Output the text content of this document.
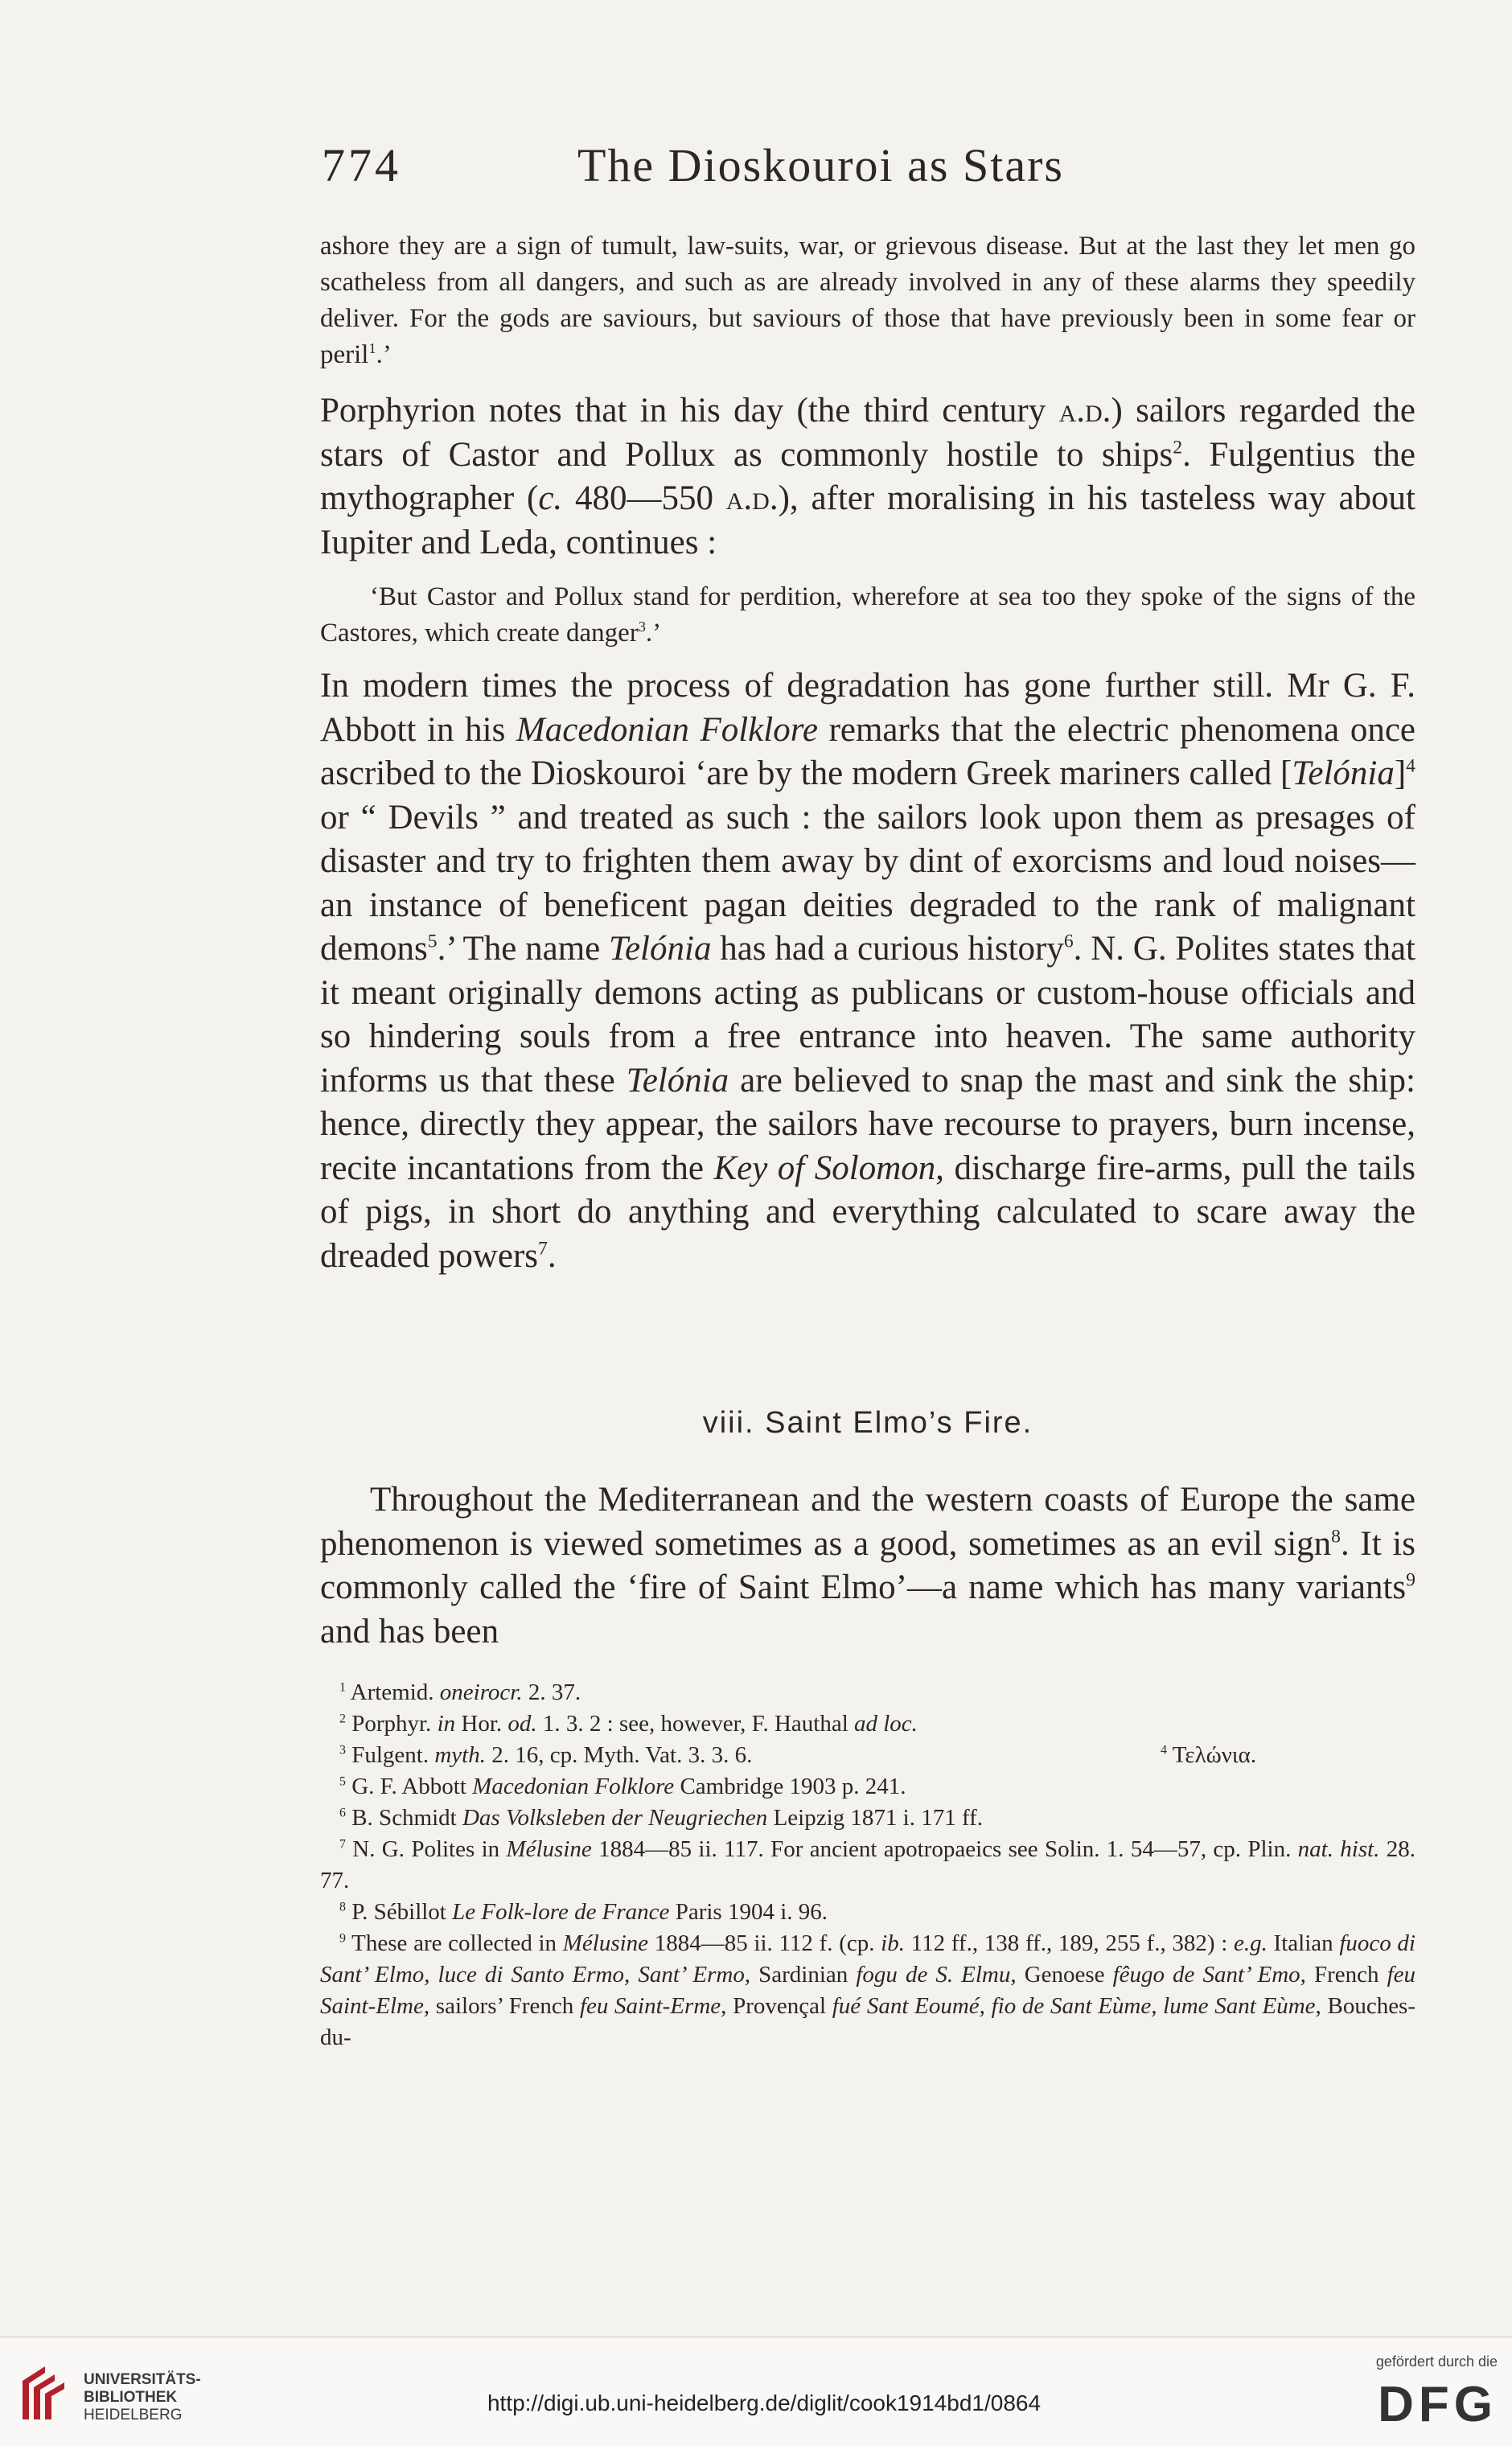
774	The Dioskouroi as Stars
ashore they are a sign of tumult, law-suits, war, or grievous disease. But at the last they let men go scatheless from all dangers, and such as are already involved in any of these alarms they speedily deliver. For the gods are saviours, but saviours of those that have previously been in some fear or peril$^1$.’
Porphyrion notes that in his day (the third century a.d.) sailors regarded the stars of Castor and Pollux as commonly hostile to ships$^2$. Fulgentius the mythographer (c. 480—550 a.d.), after moralising in his tasteless way about Iupiter and Leda, continues :
‘But Castor and Pollux stand for perdition, wherefore at sea too they spoke of the signs of the Castores, which create danger$^3$.’
In modern times the process of degradation has gone further still. Mr G. F. Abbott in his Macedonian Folklore remarks that the electric phenomena once ascribed to the Dioskouroi ‘are by the modern Greek mariners called [Telónia]$^4$ or “ Devils ” and treated as such : the sailors look upon them as presages of disaster and try to frighten them away by dint of exorcisms and loud noises—an instance of beneficent pagan deities degraded to the rank of malignant demons$^5$.’ The name Telónia has had a curious history$^6$. N. G. Polites states that it meant originally demons acting as publicans or custom-house officials and so hindering souls from a free entrance into heaven. The same authority informs us that these Telónia are believed to snap the mast and sink the ship: hence, directly they appear, the sailors have recourse to prayers, burn incense, recite incantations from the Key of Solomon, discharge fire-arms, pull the tails of pigs, in short do anything and everything calculated to scare away the dreaded powers$^7$.
viii. Saint Elmo’s Fire.
Throughout the Mediterranean and the western coasts of Europe the same phenomenon is viewed sometimes as a good, sometimes as an evil sign$^8$. It is commonly called the ‘fire of Saint Elmo’—a name which has many variants$^9$ and has been
$^1$ Artemid. oneirocr. 2. 37.
$^2$ Porphyr. in Hor. od. 1. 3. 2 : see, however, F. Hauthal ad loc.
$^3$ Fulgent. myth. 2. 16, cp. Myth. Vat. 3. 3. 6.	$^4$ Τελώνια.
$^5$ G. F. Abbott Macedonian Folklore Cambridge 1903 p. 241.
$^6$ B. Schmidt Das Volksleben der Neugriechen Leipzig 1871 i. 171 ff.
$^7$ N. G. Polites in Mélusine 1884—85 ii. 117. For ancient apotropaeics see Solin. 1. 54—57, cp. Plin. nat. hist. 28. 77.
$^8$ P. Sébillot Le Folk-lore de France Paris 1904 i. 96.
$^9$ These are collected in Mélusine 1884—85 ii. 112 f. (cp. ib. 112 ff., 138 ff., 189, 255 f., 382) : e.g. Italian fuoco di Sant’ Elmo, luce di Santo Ermo, Sant’ Ermo, Sardinian fogu de S. Elmu, Genoese fêugo de Sant’ Emo, French feu Saint-Elme, sailors’ French feu Saint-Erme, Provençal fué Sant Eoumé, fio de Sant Eùme, lume Sant Eùme, Bouches-du-
UNIVERSITÄTS-
BIBLIOTHEK
HEIDELBERG	http://digi.ub.uni-heidelberg.de/diglit/cook1914bd1/0864
gefördert durch die
DFG
